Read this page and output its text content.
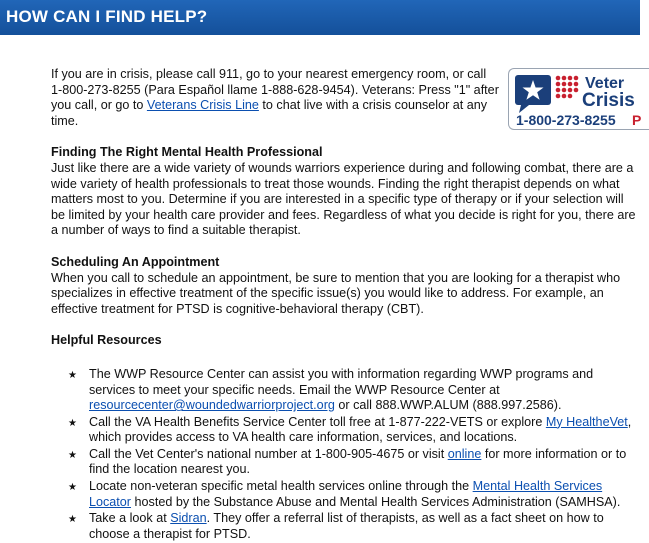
HOW CAN I FIND HELP?
Veter
Crisis
1-800-273-8255 P

If you are in crisis, please call 911, go to your nearest emergency room, or call 1-800-273-8255 (Para Español llame 1-888-628-9454). Veterans: Press "1" after you call, or go to Veterans Crisis Line to chat live with a crisis counselor at any time.

Finding The Right Mental Health Professional

Just like there are a wide variety of wounds warriors experience during and following combat, there are a wide variety of health professionals to treat those wounds. Finding the right therapist depends on what matters most to you. Determine if you are interested in a specific type of therapy or if your selection will be limited by your health care provider and fees. Regardless of what you decide is right for you, there are a number of ways to find a suitable therapist.

Scheduling An Appointment

When you call to schedule an appointment, be sure to mention that you are looking for a therapist who specializes in effective treatment of the specific issue(s) you would like to address. For example, an effective treatment for PTSD is cognitive-behavioral therapy (CBT).

Helpful Resources
★ The WWP Resource Center can assist you with information regarding WWP programs and services to meet your specific needs. Email the WWP Resource Center at resourcecenter@woundedwarriorproject.org or call 888.WWP.ALUM (888.997.2586).
★ Call the VA Health Benefits Service Center toll free at 1-877-222-VETS or explore My HealtheVet, which provides access to VA health care information, services, and locations.
★ Call the Vet Center's national number at 1-800-905-4675 or visit online for more information or to find the location nearest you.
★ Locate non-veteran specific metal health services online through the Mental Health Services Locator hosted by the Substance Abuse and Mental Health Services Administration (SAMHSA).
★ Take a look at Sidran. They offer a referral list of therapists, as well as a fact sheet on how to choose a therapist for PTSD.
